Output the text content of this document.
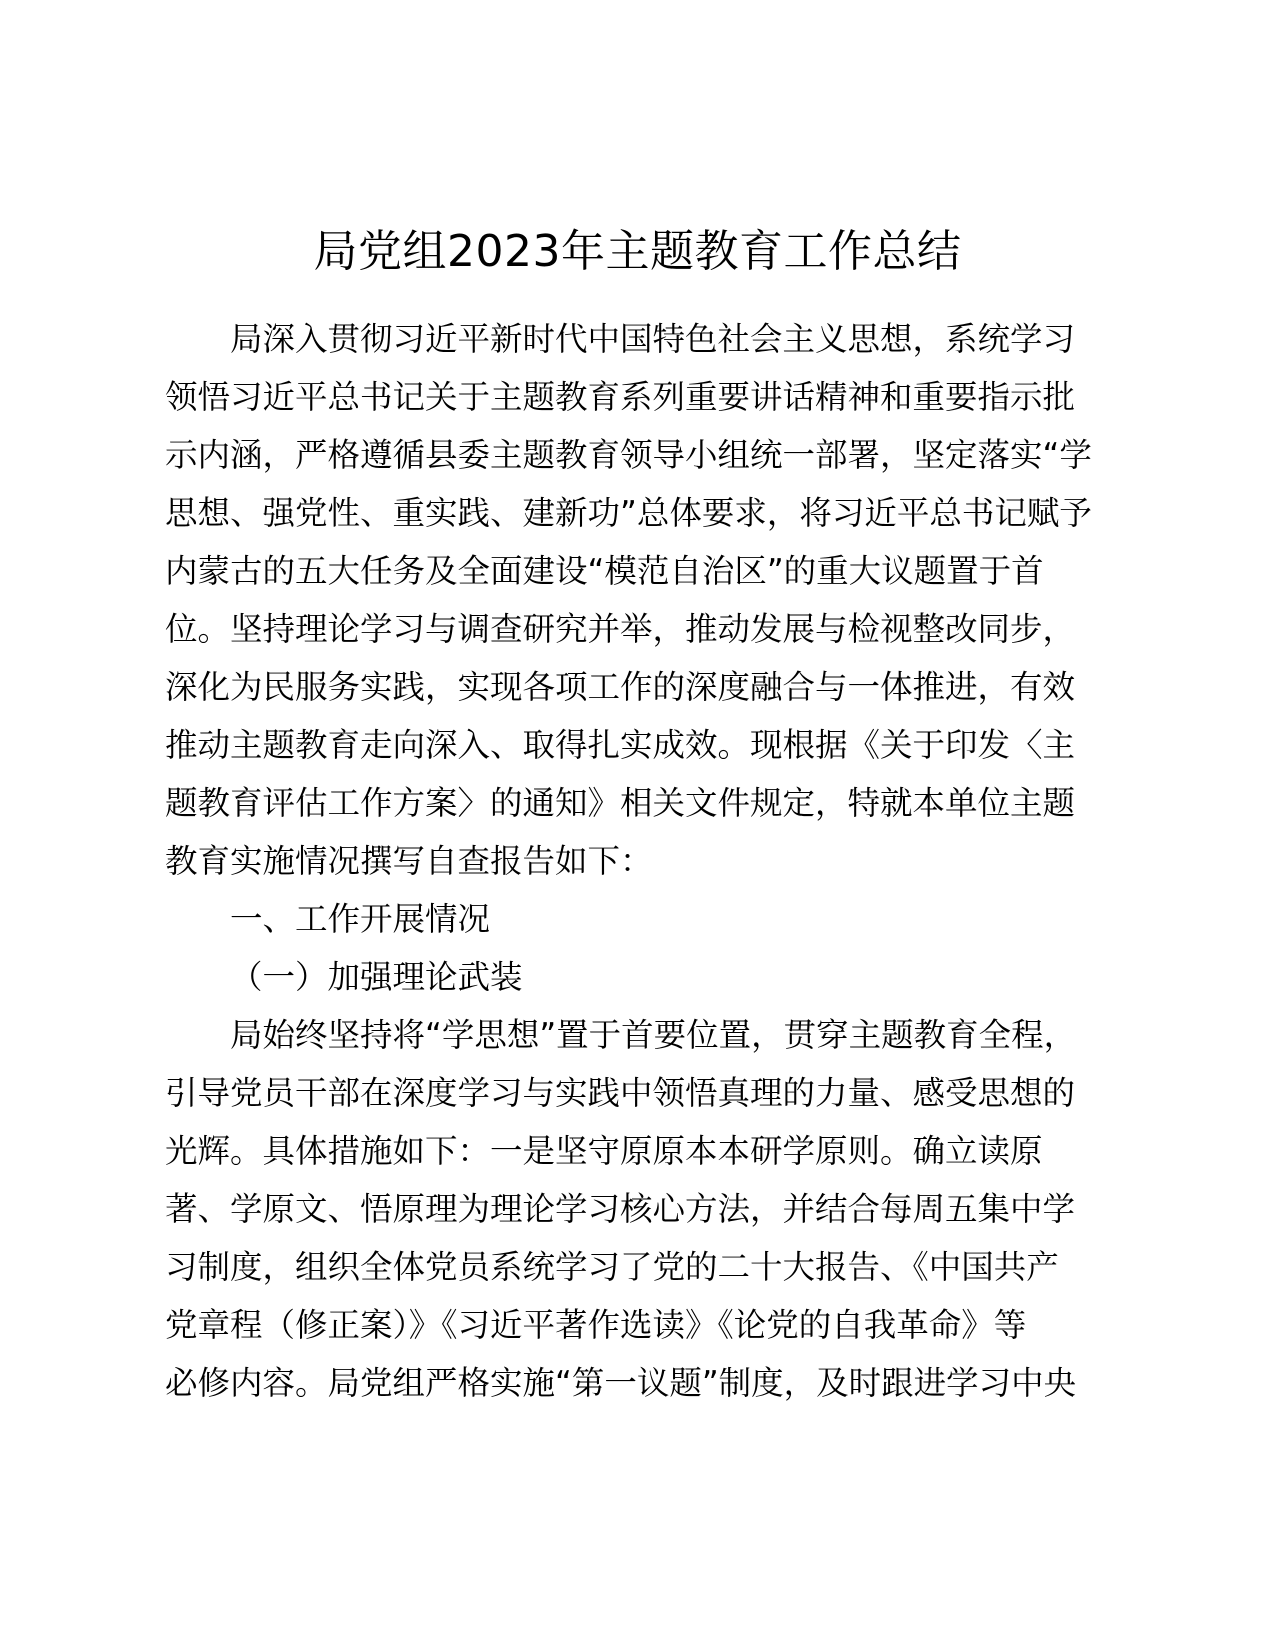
局党组2023年主题教育工作总结
局深入贯彻习近平新时代中国特色社会主义思想，系统学习
领悟习近平总书记关于主题教育系列重要讲话精神和重要指示批
示内涵，严格遵循县委主题教育领导小组统一部署，坚定落实“学
思想、强党性、重实践、建新功”总体要求，将习近平总书记赋予
内蒙古的五大任务及全面建设“模范自治区”的重大议题置于首
位。坚持理论学习与调查研究并举，推动发展与检视整改同步，
深化为民服务实践，实现各项工作的深度融合与一体推进，有效
推动主题教育走向深入、取得扎实成效。现根据《关于印发〈主
题教育评估工作方案〉的通知》相关文件规定，特就本单位主题
教育实施情况撰写自查报告如下：
一、工作开展情况
（一）加强理论武装
局始终坚持将“学思想”置于首要位置，贯穿主题教育全程，
引导党员干部在深度学习与实践中领悟真理的力量、感受思想的
光辉。具体措施如下：一是坚守原原本本研学原则。确立读原
著、学原文、悟原理为理论学习核心方法，并结合每周五集中学
习制度，组织全体党员系统学习了党的二十大报告、《中国共产
党章程（修正案）》《习近平著作选读》《论党的自我革命》等
必修内容。局党组严格实施“第一议题”制度，及时跟进学习中央
